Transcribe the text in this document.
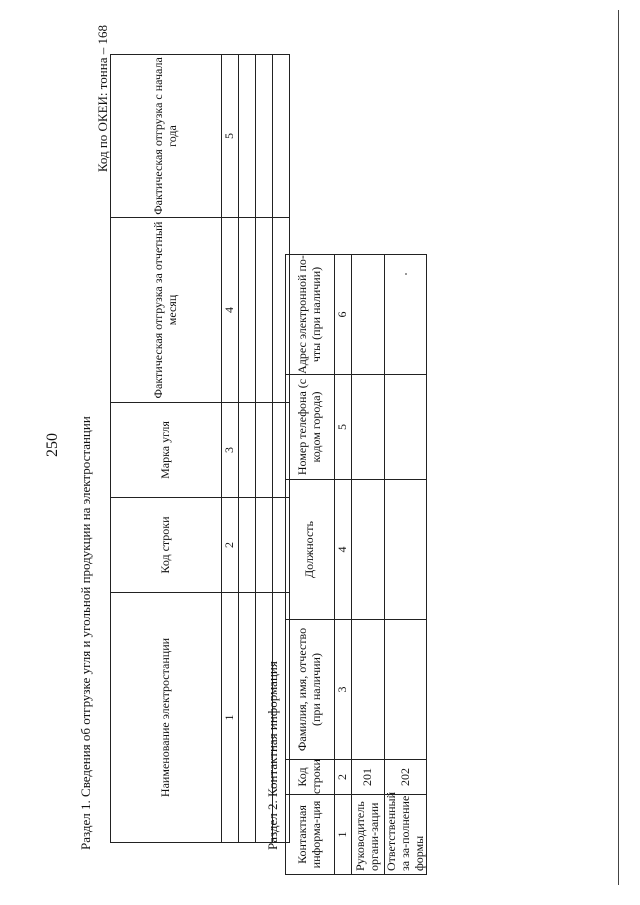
250 Раздел 1. Сведения об отгрузке угля и угольной продукции на электростанции
Код по ОКЕИ: тонна – 168
Наименование электростанции	Код строки	Марка угля	Фактическая отгрузка за отчетный месяц	Фактическая отгрузка с начала года
1	2	3	4	5

Раздел 2. Контактная информация Контактная информа-ция	Код строки	Фамилия, имя, отчество (при наличии)	Должность	Номер телефона (с кодом города)	Адрес электронной по-чты (при наличии)
1	2	3	4	5	6
Руководитель органи-зации	201				
Ответственный за за-полнение формы	202				
